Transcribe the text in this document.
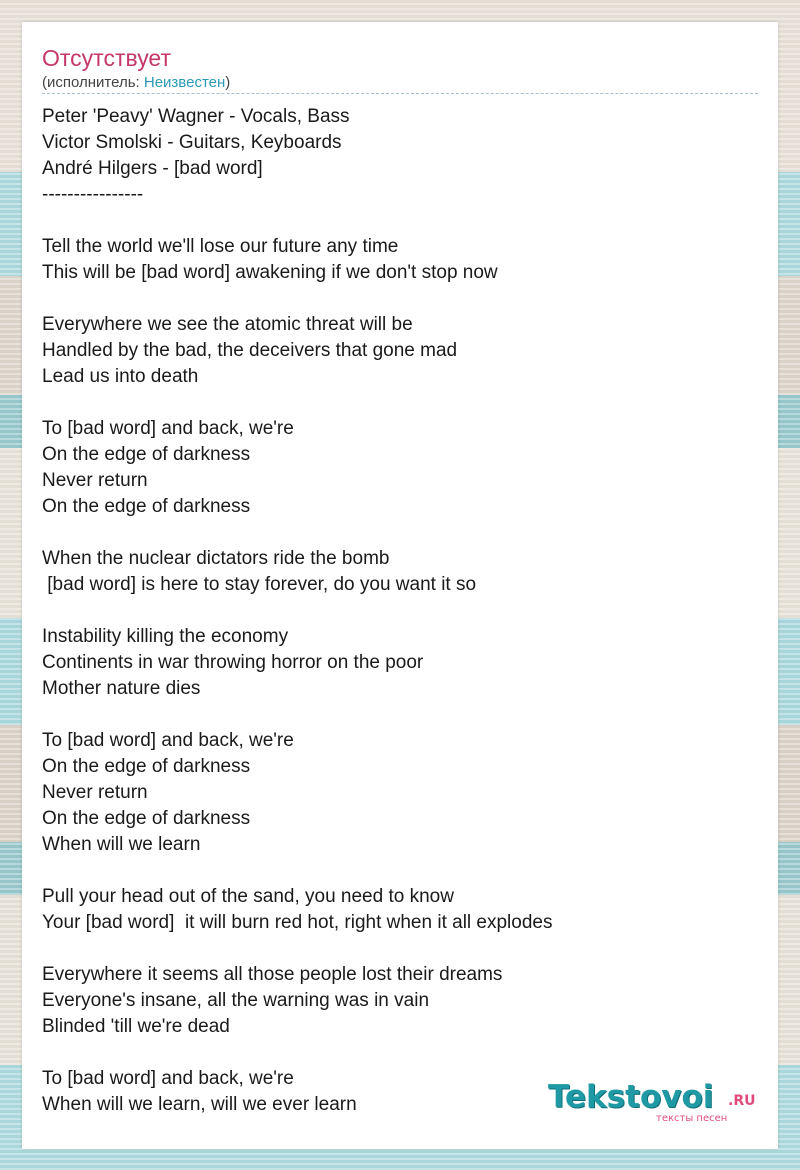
Отсутствует
(исполнитель: Неизвестен)
Peter 'Peavy' Wagner - Vocals, Bass
Victor Smolski - Guitars, Keyboards
André Hilgers - [bad word]
----------------
Tell the world we'll lose our future any time
This will be [bad word] awakening if we don't stop now
Everywhere we see the atomic threat will be
Handled by the bad, the deceivers that gone mad
Lead us into death
To [bad word] and back, we're
On the edge of darkness
Never return
On the edge of darkness
When the nuclear dictators ride the bomb
[bad word] is here to stay forever, do you want it so
Instability killing the economy
Continents in war throwing horror on the poor
Mother nature dies
To [bad word] and back, we're
On the edge of darkness
Never return
On the edge of darkness
When will we learn
Pull your head out of the sand, you need to know
Your [bad word]  it will burn red hot, right when it all explodes
Everywhere it seems all those people lost their dreams
Everyone's insane, all the warning was in vain
Blinded 'till we're dead
To [bad word] and back, we're
When will we learn, will we ever learn	Tekstovoi .RU
тексты песен
